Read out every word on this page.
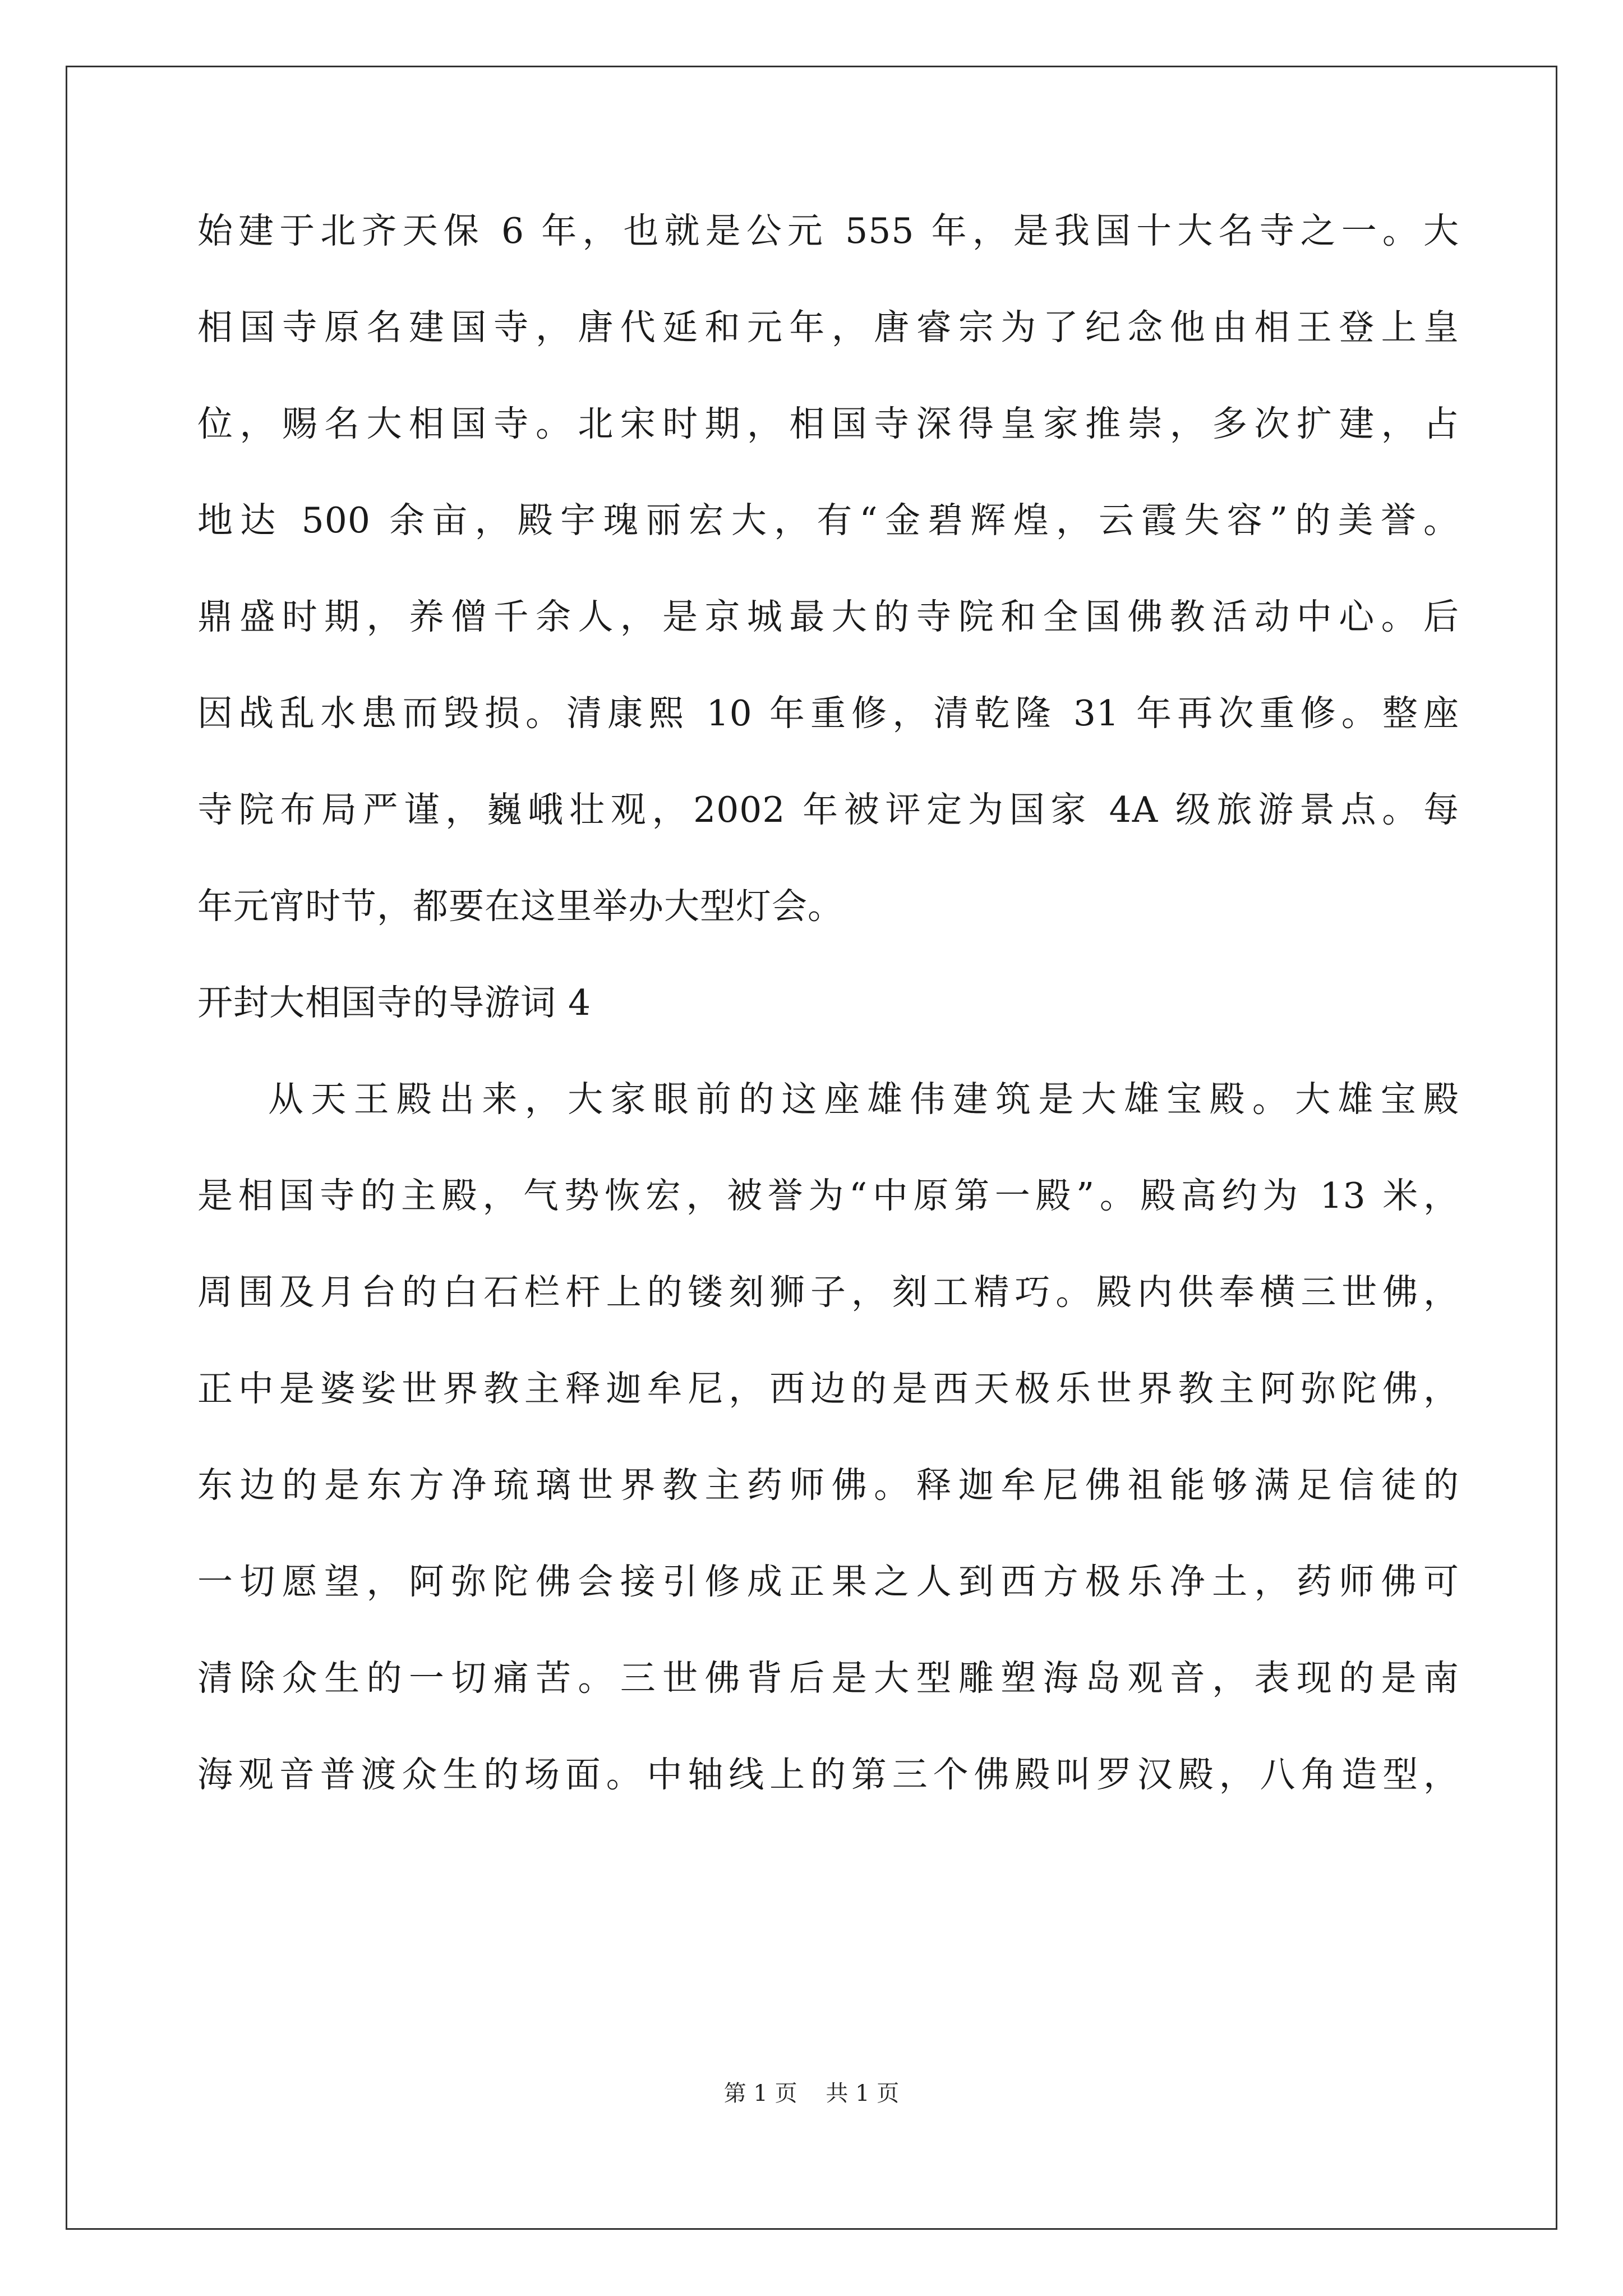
始建于北齐天保 6 年，也就是公元 555 年，是我国十大名寺之一。大
相国寺原名建国寺，唐代延和元年，唐睿宗为了纪念他由相王登上皇
位，赐名大相国寺。北宋时期，相国寺深得皇家推崇，多次扩建，占
地达 500 余亩，殿宇瑰丽宏大，有“金碧辉煌，云霞失容”的美誉。
鼎盛时期，养僧千余人，是京城最大的寺院和全国佛教活动中心。后
因战乱水患而毁损。清康熙 10 年重修，清乾隆 31 年再次重修。整座
寺院布局严谨，巍峨壮观，2002 年被评定为国家 4A 级旅游景点。每
年元宵时节，都要在这里举办大型灯会。
开封大相国寺的导游词 4
从天王殿出来，大家眼前的这座雄伟建筑是大雄宝殿。大雄宝殿
是相国寺的主殿，气势恢宏，被誉为“中原第一殿”。殿高约为 13 米，
周围及月台的白石栏杆上的镂刻狮子，刻工精巧。殿内供奉横三世佛，
正中是婆娑世界教主释迦牟尼，西边的是西天极乐世界教主阿弥陀佛，
东边的是东方净琉璃世界教主药师佛。释迦牟尼佛祖能够满足信徒的
一切愿望，阿弥陀佛会接引修成正果之人到西方极乐净土，药师佛可
清除众生的一切痛苦。三世佛背后是大型雕塑海岛观音，表现的是南
海观音普渡众生的场面。中轴线上的第三个佛殿叫罗汉殿，八角造型，
第 1 页    共 1 页
